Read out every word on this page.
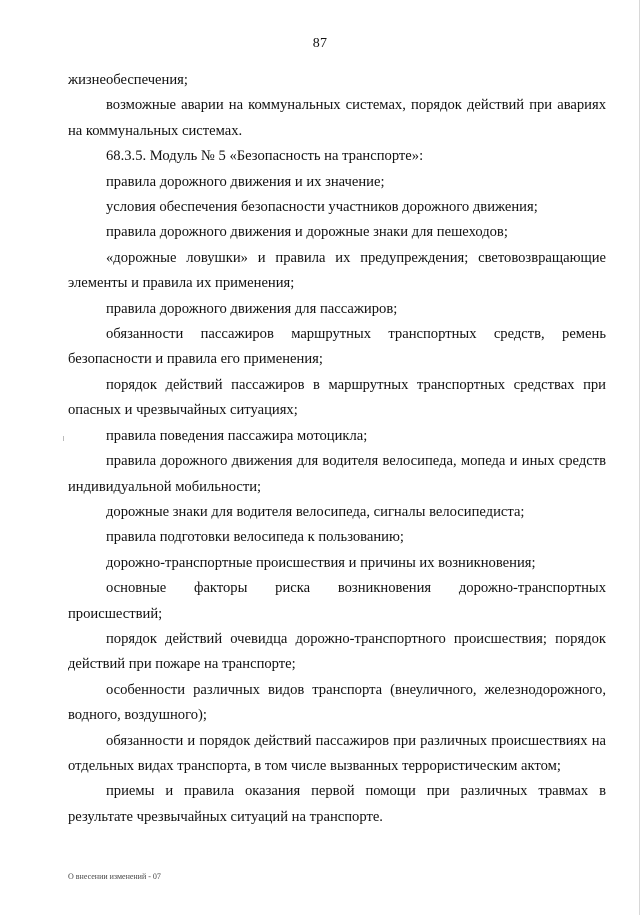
87

жизнеобеспечения;

возможные аварии на коммунальных системах, порядок действий при авариях на коммунальных системах.

68.3.5. Модуль № 5 «Безопасность на транспорте»:

правила дорожного движения и их значение;

условия обеспечения безопасности участников дорожного движения;

правила дорожного движения и дорожные знаки для пешеходов;

«дорожные ловушки» и правила их предупреждения; световозвращающие элементы и правила их применения;

правила дорожного движения для пассажиров;

обязанности пассажиров маршрутных транспортных средств, ремень безопасности и правила его применения;

порядок действий пассажиров в маршрутных транспортных средствах при опасных и чрезвычайных ситуациях;

правила поведения пассажира мотоцикла;

правила дорожного движения для водителя велосипеда, мопеда и иных средств индивидуальной мобильности;

дорожные знаки для водителя велосипеда, сигналы велосипедиста;

правила подготовки велосипеда к пользованию;

дорожно-транспортные происшествия и причины их возникновения;

основные факторы риска возникновения дорожно-транспортных происшествий;

порядок действий очевидца дорожно-транспортного происшествия; порядок действий при пожаре на транспорте;

особенности различных видов транспорта (внеуличного, железнодорожного, водного, воздушного);

обязанности и порядок действий пассажиров при различных происшествиях на отдельных видах транспорта, в том числе вызванных террористическим актом;

приемы и правила оказания первой помощи при различных травмах в результате чрезвычайных ситуаций на транспорте.

О внесении изменений - 07
